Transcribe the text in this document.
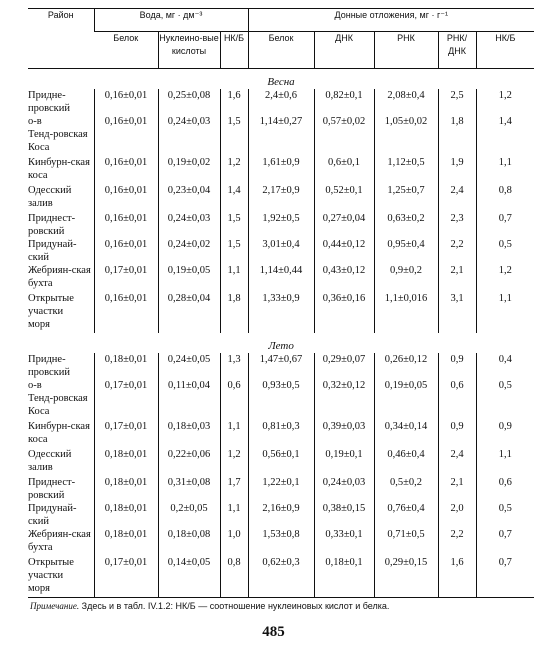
Район	Вода, мг · дм⁻³			Донные отложения, мг · г⁻¹				
	Белок	Нуклеино-вые кислоты	НК/Б	Белок	ДНК	РНК	РНК/ДНК	НК/Б
Весна								
Придне-провский	0,16±0,01	0,25±0,08	1,6	2,4±0,6	0,82±0,1	2,08±0,4	2,5	1,2
о-в
Тенд-ровская
Коса	0,16±0,01	0,24±0,03	1,5	1,14±0,27	0,57±0,02	1,05±0,02	1,8	1,4
Кинбурн-ская
коса	0,16±0,01	0,19±0,02	1,2	1,61±0,9	0,6±0,1	1,12±0,5	1,9	1,1
Одесский
залив	0,16±0,01	0,23±0,04	1,4	2,17±0,9	0,52±0,1	1,25±0,7	2,4	0,8
Приднест-ровский	0,16±0,01	0,24±0,03	1,5	1,92±0,5	0,27±0,04	0,63±0,2	2,3	0,7
Придунай-ский	0,16±0,01	0,24±0,02	1,5	3,01±0,4	0,44±0,12	0,95±0,4	2,2	0,5
Жебриян-ская
бухта	0,17±0,01	0,19±0,05	1,1	1,14±0,44	0,43±0,12	0,9±0,2	2,1	1,2
Открытые
участки
моря	0,16±0,01	0,28±0,04	1,8	1,33±0,9	0,36±0,16	1,1±0,016	3,1	1,1
Лето								
Придне-провский	0,18±0,01	0,24±0,05	1,3	1,47±0,67	0,29±0,07	0,26±0,12	0,9	0,4
о-в
Тенд-ровская
Коса	0,17±0,01	0,11±0,04	0,6	0,93±0,5	0,32±0,12	0,19±0,05	0,6	0,5
Кинбурн-ская
коса	0,17±0,01	0,18±0,03	1,1	0,81±0,3	0,39±0,03	0,34±0,14	0,9	0,9
Одесский
залив	0,18±0,01	0,22±0,06	1,2	0,56±0,1	0,19±0,1	0,46±0,4	2,4	1,1
Приднест-ровский	0,18±0,01	0,31±0,08	1,7	1,22±0,1	0,24±0,03	0,5±0,2	2,1	0,6
Придунай-ский	0,18±0,01	0,2±0,05	1,1	2,16±0,9	0,38±0,15	0,76±0,4	2,0	0,5
Жебриян-ская
бухта	0,18±0,01	0,18±0,08	1,0	1,53±0,8	0,33±0,1	0,71±0,5	2,2	0,7
Открытые
участки
моря	0,17±0,01	0,14±0,05	0,8	0,62±0,3	0,18±0,1	0,29±0,15	1,6	0,7
Примечание. Здесь и в табл. IV.1.2: НК/Б — соотношение нуклеиновых кислот и белка.
485
